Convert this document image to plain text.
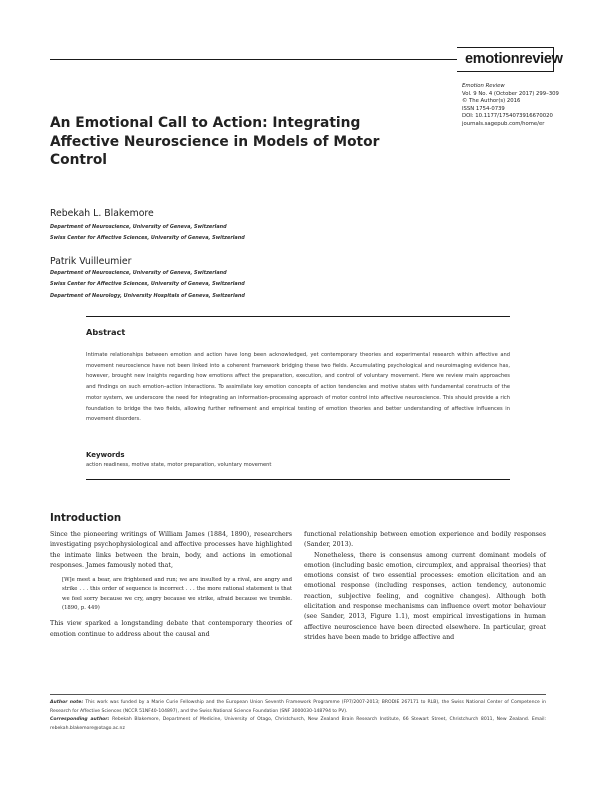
emotionreview
Emotion Review
Vol. 9 No. 4 (October 2017) 299–309
© The Author(s) 2016
ISSN 1754-0739
DOI: 10.1177/1754073916670020
journals.sagepub.com/home/er
An Emotional Call to Action: Integrating
Affective Neuroscience in Models of Motor
Control
Rebekah L. Blakemore
Department of Neuroscience, University of Geneva, Switzerland
Swiss Center for Affective Sciences, University of Geneva, Switzerland
Patrik Vuilleumier
Department of Neuroscience, University of Geneva, Switzerland
Swiss Center for Affective Sciences, University of Geneva, Switzerland
Department of Neurology, University Hospitals of Geneva, Switzerland
Abstract
Intimate relationships between emotion and action have long been acknowledged, yet contemporary theories and experimental research within affective and movement neuroscience have not been linked into a coherent framework bridging these two fields. Accumulating psychological and neuroimaging evidence has, however, brought new insights regarding how emotions affect the preparation, execution, and control of voluntary movement. Here we review main approaches and findings on such emotion–action interactions. To assimilate key emotion concepts of action tendencies and motive states with fundamental constructs of the motor system, we underscore the need for integrating an information-processing approach of motor control into affective neuroscience. This should provide a rich foundation to bridge the two fields, allowing further refinement and empirical testing of emotion theories and better understanding of affective influences in movement disorders.
Keywords
action readiness, motive state, motor preparation, voluntary movement
Introduction

Since the pioneering writings of William James (1884, 1890), researchers investigating psychophysiological and affective processes have highlighted the intimate links between the brain, body, and actions in emotional responses. James famously noted that,

[W]e meet a bear, are frightened and run; we are insulted by a rival, are angry and strike . . . this order of sequence is incorrect . . . the more rational statement is that we feel sorry because we cry, angry because we strike, afraid because we tremble. (1890, p. 449)

This view sparked a longstanding debate that contemporary theories of emotion continue to address about the causal and

functional relationship between emotion experience and bodily responses (Sander, 2013).

Nonetheless, there is consensus among current dominant models of emotion (including basic emotion, circumplex, and appraisal theories) that emotions consist of two essential processes: emotion elicitation and an emotional response (including responses, action tendency, autonomic reaction, subjective feeling, and cognitive changes). Although both elicitation and response mechanisms can influence overt motor behaviour (see Sander, 2013, Figure 1.1), most empirical investigations in human affective neuroscience have been directed elsewhere. In particular, great strides have been made to bridge affective and

Author note: This work was funded by a Marie Curie Fellowship and the European Union Seventh Framework Programme (FP7/2007-2013; BRODIE 267171 to RLB), the Swiss National Center of Competence in Research for Affective Sciences (NCCR 51NF40-104897), and the Swiss National Science Foundation (SNF 3000030-148794 to PV).
Corresponding author: Rebekah Blakemore, Department of Medicine, University of Otago, Christchurch, New Zealand Brain Research Institute, 66 Stewart Street, Christchurch 8011, New Zealand. Email: rebekah.blakemore@otago.ac.nz
